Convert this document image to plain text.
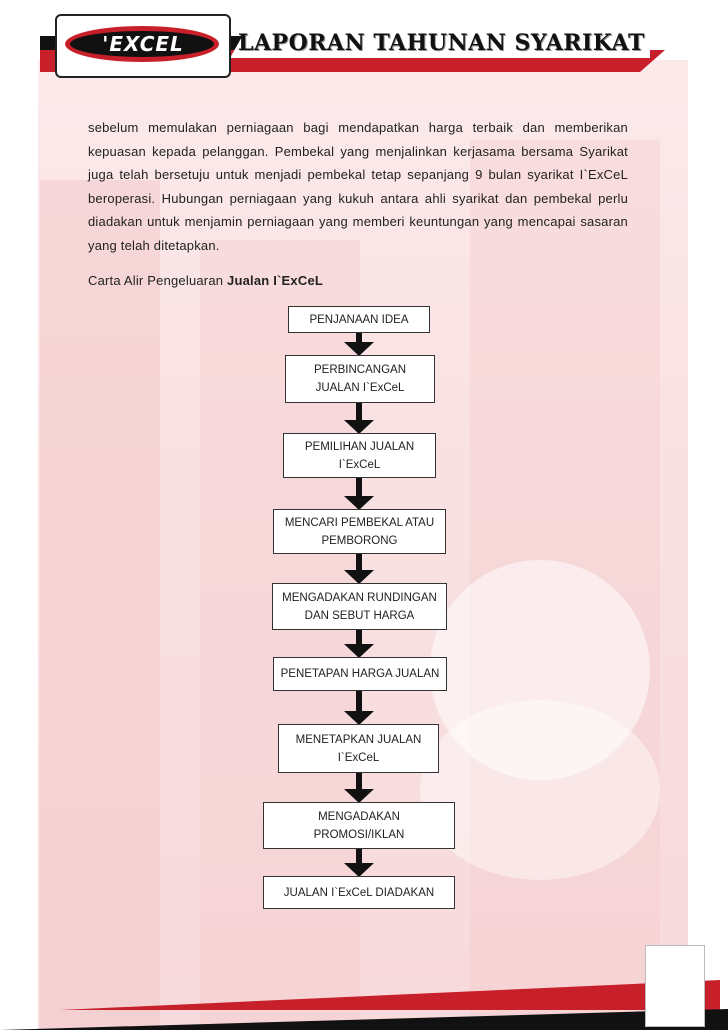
'EXCEL	LAPORAN TAHUNAN SYARIKAT
sebelum memulakan perniagaan bagi mendapatkan harga terbaik dan memberikan kepuasan kepada pelanggan. Pembekal yang menjalinkan kerjasama bersama Syarikat juga telah bersetuju untuk menjadi pembekal tetap sepanjang 9 bulan syarikat I`ExCeL beroperasi. Hubungan perniagaan yang kukuh antara ahli syarikat dan pembekal perlu diadakan untuk menjamin perniagaan yang memberi keuntungan yang mencapai sasaran yang telah ditetapkan.
Carta Alir Pengeluaran Jualan I`ExCeL
PENJANAAN IDEA
PERBINCANGAN
JUALAN I`ExCeL
PEMILIHAN JUALAN
I`ExCeL
MENCARI PEMBEKAL ATAU
PEMBORONG
MENGADAKAN RUNDINGAN
DAN SEBUT HARGA
PENETAPAN HARGA JUALAN
MENETAPKAN JUALAN
I`ExCeL
MENGADAKAN
PROMOSI/IKLAN
JUALAN I`ExCeL DIADAKAN
